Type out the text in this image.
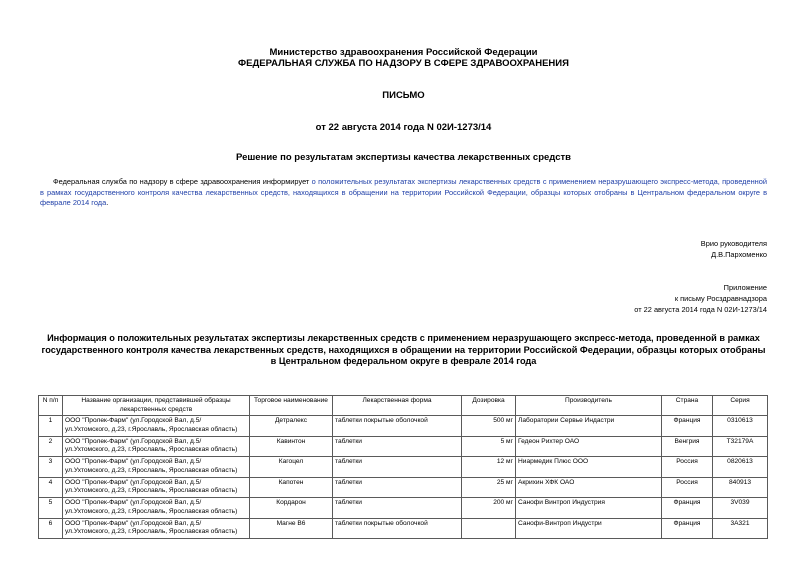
Министерство здравоохранения Российской Федерации
ФЕДЕРАЛЬНАЯ СЛУЖБА ПО НАДЗОРУ В СФЕРЕ ЗДРАВООХРАНЕНИЯ
ПИСЬМО
от 22 августа 2014 года N 02И-1273/14
Решение по результатам экспертизы качества лекарственных средств
Федеральная служба по надзору в сфере здравоохранения информирует о положительных результатах экспертизы лекарственных средств с применением неразрушающего экспресс-метода, проведенной в рамках государственного контроля качества лекарственных средств, находящихся в обращении на территории Российской Федерации, образцы которых отобраны в Центральном федеральном округе в феврале 2014 года.
Врио руководителя
Д.В.Пархоменко
Приложение
к письму Росздравнадзора
от 22 августа 2014 года N 02И-1273/14
Информация о положительных результатах экспертизы лекарственных средств с применением неразрушающего экспресс-метода, проведенной в рамках государственного контроля качества лекарственных средств, находящихся в обращении на территории Российской Федерации, образцы которых отобраны в Центральном федеральном округе в феврале 2014 года
N п/п	Название организации, представившей образцы лекарственных средств	Торговое наименование	Лекарственная форма	Дозировка	Производитель	Страна	Серия
1	ООО "Пролек-Фарм" (ул.Городской Вал, д.5/ ул.Ухтомского, д.23, г.Ярославль, Ярославская область)	Детралекс	таблетки покрытые оболочкой	500 мг	Лаборатории Сервье Индастри	Франция	0310613
2	ООО "Пролек-Фарм" (ул.Городской Вал, д.5/ ул.Ухтомского, д.23, г.Ярославль, Ярославская область)	Кавинтон	таблетки	5 мг	Гедеон Рихтер ОАО	Венгрия	Т32179А
3	ООО "Пролек-Фарм" (ул.Городской Вал, д.5/ ул.Ухтомского, д.23, г.Ярославль, Ярославская область)	Кагоцел	таблетки	12 мг	Ниармедик Плюс ООО	Россия	0820613
4	ООО "Пролек-Фарм" (ул.Городской Вал, д.5/ ул.Ухтомского, д.23, г.Ярославль, Ярославская область)	Капотен	таблетки	25 мг	Акрихин ХФК ОАО	Россия	840913
5	ООО "Пролек-Фарм" (ул.Городской Вал, д.5/ ул.Ухтомского, д.23, г.Ярославль, Ярославская область)	Кордарон	таблетки	200 мг	Санофи Винтроп Индустрия	Франция	3V039
6	ООО "Пролек-Фарм" (ул.Городской Вал, д.5/ ул.Ухтомского, д.23, г.Ярославль, Ярославская область)	Магне В6	таблетки покрытые оболочкой		Санофи-Винтроп Индустри	Франция	3А321
